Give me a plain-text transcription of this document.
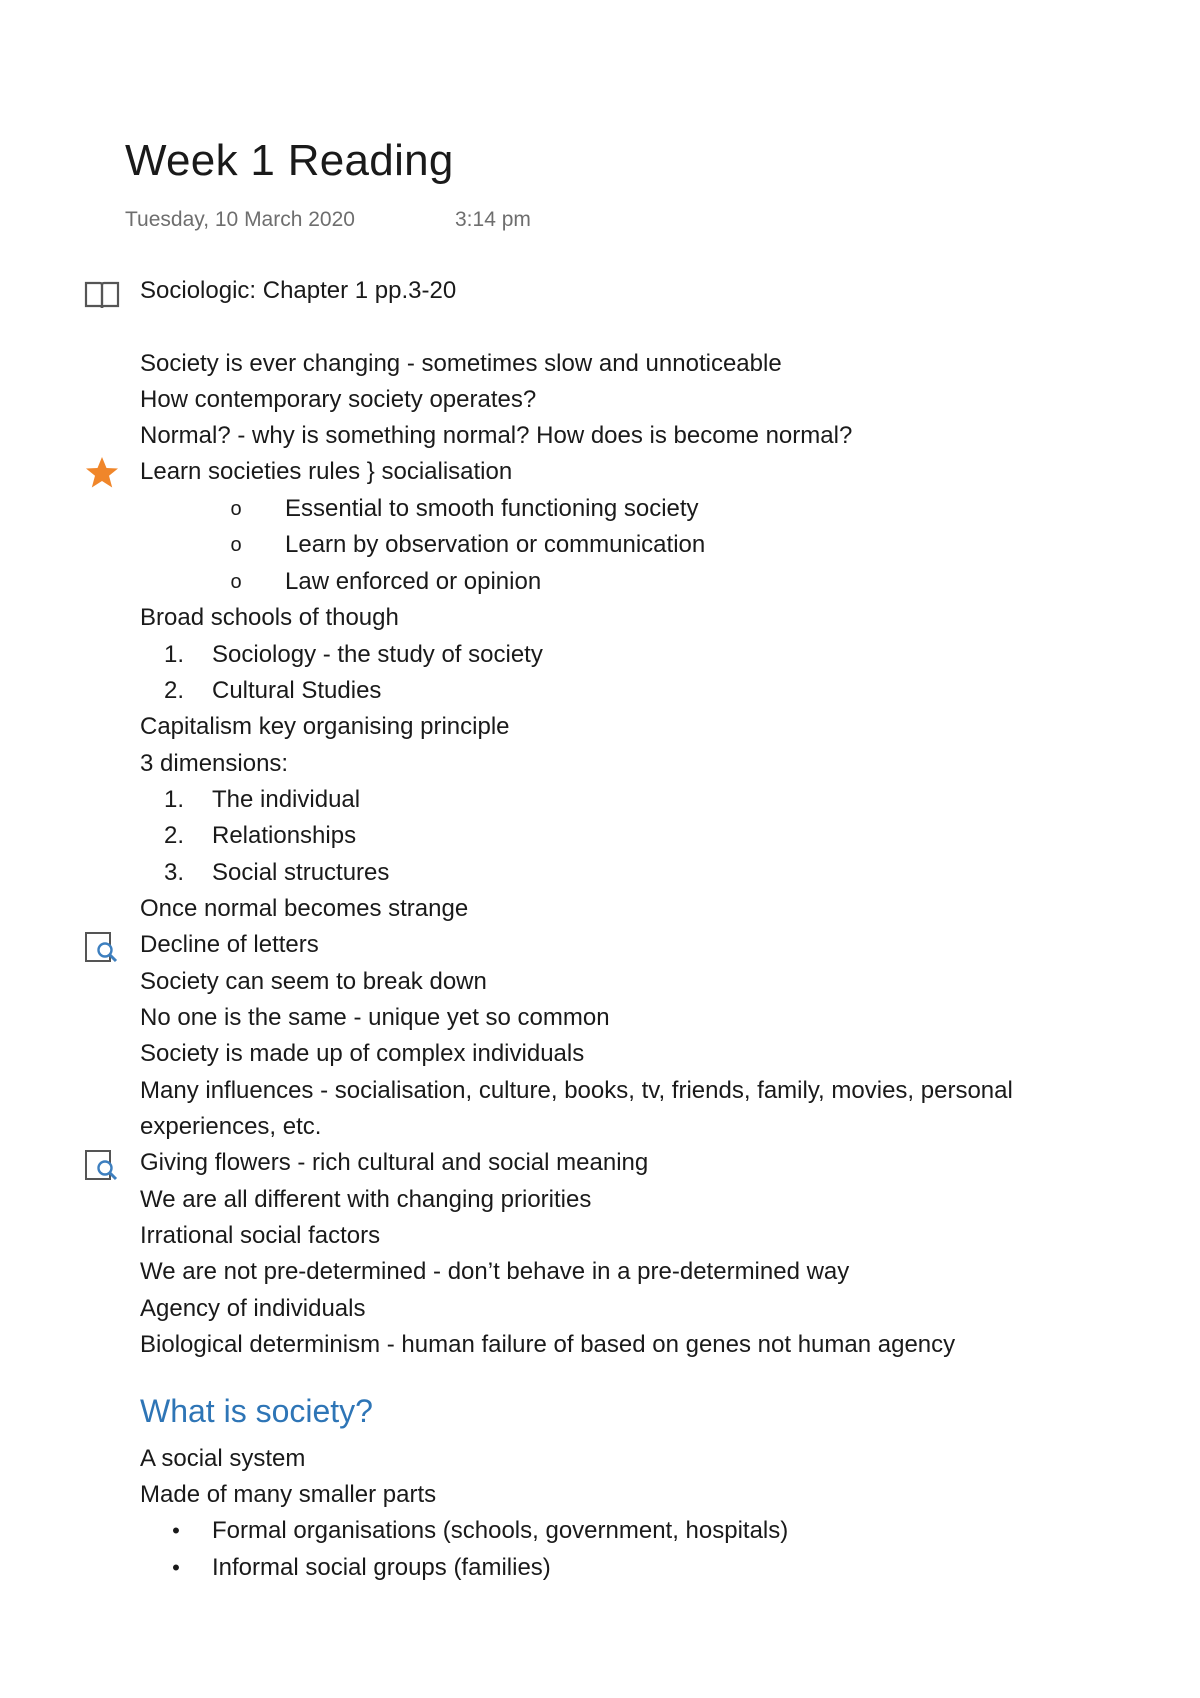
Week 1 Reading
Tuesday, 10 March 2020	3:14 pm
Sociologic: Chapter 1 pp.3-20
Society is ever changing - sometimes slow and unnoticeable
How contemporary society operates?
Normal? - why is something normal? How does is become normal?
Learn societies rules } socialisation
o	Essential to smooth functioning society
o	Learn by observation or communication
o	Law enforced or opinion
Broad schools of though
1. Sociology - the study of society
2. Cultural Studies
Capitalism key organising principle
3 dimensions:
1. The individual
2. Relationships
3. Social structures
Once normal becomes strange
Decline of letters
Society can seem to break down
No one is the same - unique yet so common
Society is made up of complex individuals
Many influences - socialisation, culture, books, tv, friends, family, movies, personal
experiences, etc.
Giving flowers - rich cultural and social meaning
We are all different with changing priorities
Irrational social factors
We are not pre-determined - don’t behave in a pre-determined way
Agency of individuals
Biological determinism - human failure of based on genes not human agency
What is society?
A social system
Made of many smaller parts
• Formal organisations (schools, government, hospitals)
• Informal social groups (families)
